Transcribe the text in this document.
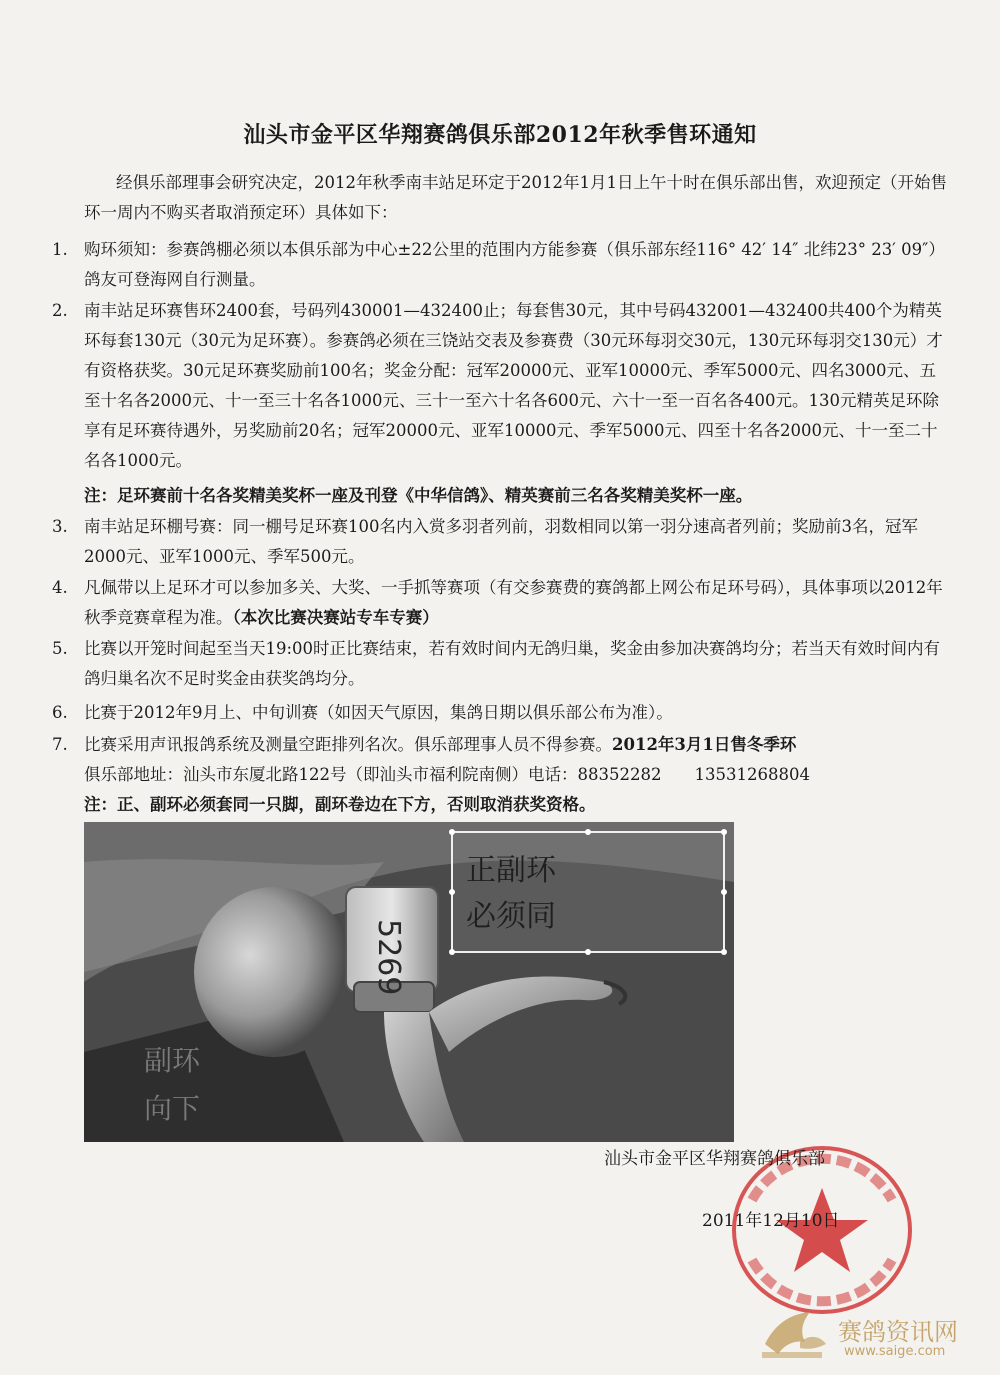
汕头市金平区华翔赛鸽俱乐部2012年秋季售环通知
经俱乐部理事会研究决定，2012年秋季南丰站足环定于2012年1月1日上午十时在俱乐部出售，欢迎预定（开始售环一周内不购买者取消预定环）具体如下：
1. 购环须知：参赛鸽棚必须以本俱乐部为中心±22公里的范围内方能参赛（俱乐部东经116° 42′ 14″ 北纬23° 23′ 09″）鸽友可登海网自行测量。
2. 南丰站足环赛售环2400套，号码列430001—432400止；每套售30元，其中号码432001—432400共400个为精英环每套130元（30元为足环赛）。参赛鸽必须在三饶站交表及参赛费（30元环每羽交30元，130元环每羽交130元）才有资格获奖。30元足环赛奖励前100名；奖金分配：冠军20000元、亚军10000元、季军5000元、四名3000元、五至十名各2000元、十一至三十名各1000元、三十一至六十名各600元、六十一至一百名各400元。130元精英足环除享有足环赛待遇外，另奖励前20名；冠军20000元、亚军10000元、季军5000元、四至十名各2000元、十一至二十名各1000元。
注：足环赛前十名各奖精美奖杯一座及刊登《中华信鸽》、精英赛前三名各奖精美奖杯一座。
3. 南丰站足环棚号赛：同一棚号足环赛100名内入赏多羽者列前，羽数相同以第一羽分速高者列前；奖励前3名，冠军2000元、亚军1000元、季军500元。
4. 凡佩带以上足环才可以参加多关、大奖、一手抓等赛项（有交参赛费的赛鸽都上网公布足环号码），具体事项以2012年秋季竞赛章程为准。（本次比赛决赛站专车专赛）
5. 比赛以开笼时间起至当天19:00时正比赛结束，若有效时间内无鸽归巢，奖金由参加决赛鸽均分；若当天有效时间内有鸽归巢名次不足时奖金由获奖鸽均分。
6. 比赛于2012年9月上、中旬训赛（如因天气原因，集鸽日期以俱乐部公布为准）。
7. 比赛采用声讯报鸽系统及测量空距排列名次。俱乐部理事人员不得参赛。2012年3月1日售冬季环
俱乐部地址：汕头市东厦北路122号（即汕头市福利院南侧）电话：88352282　　13531268804
注：正、副环必须套同一只脚，副环卷边在下方，否则取消获奖资格。
5269
正副环
必须同
副环
向下
汕头市金平区华翔赛鸽俱乐部
2011年12月10日
赛鸽资讯网
www.saige.com
